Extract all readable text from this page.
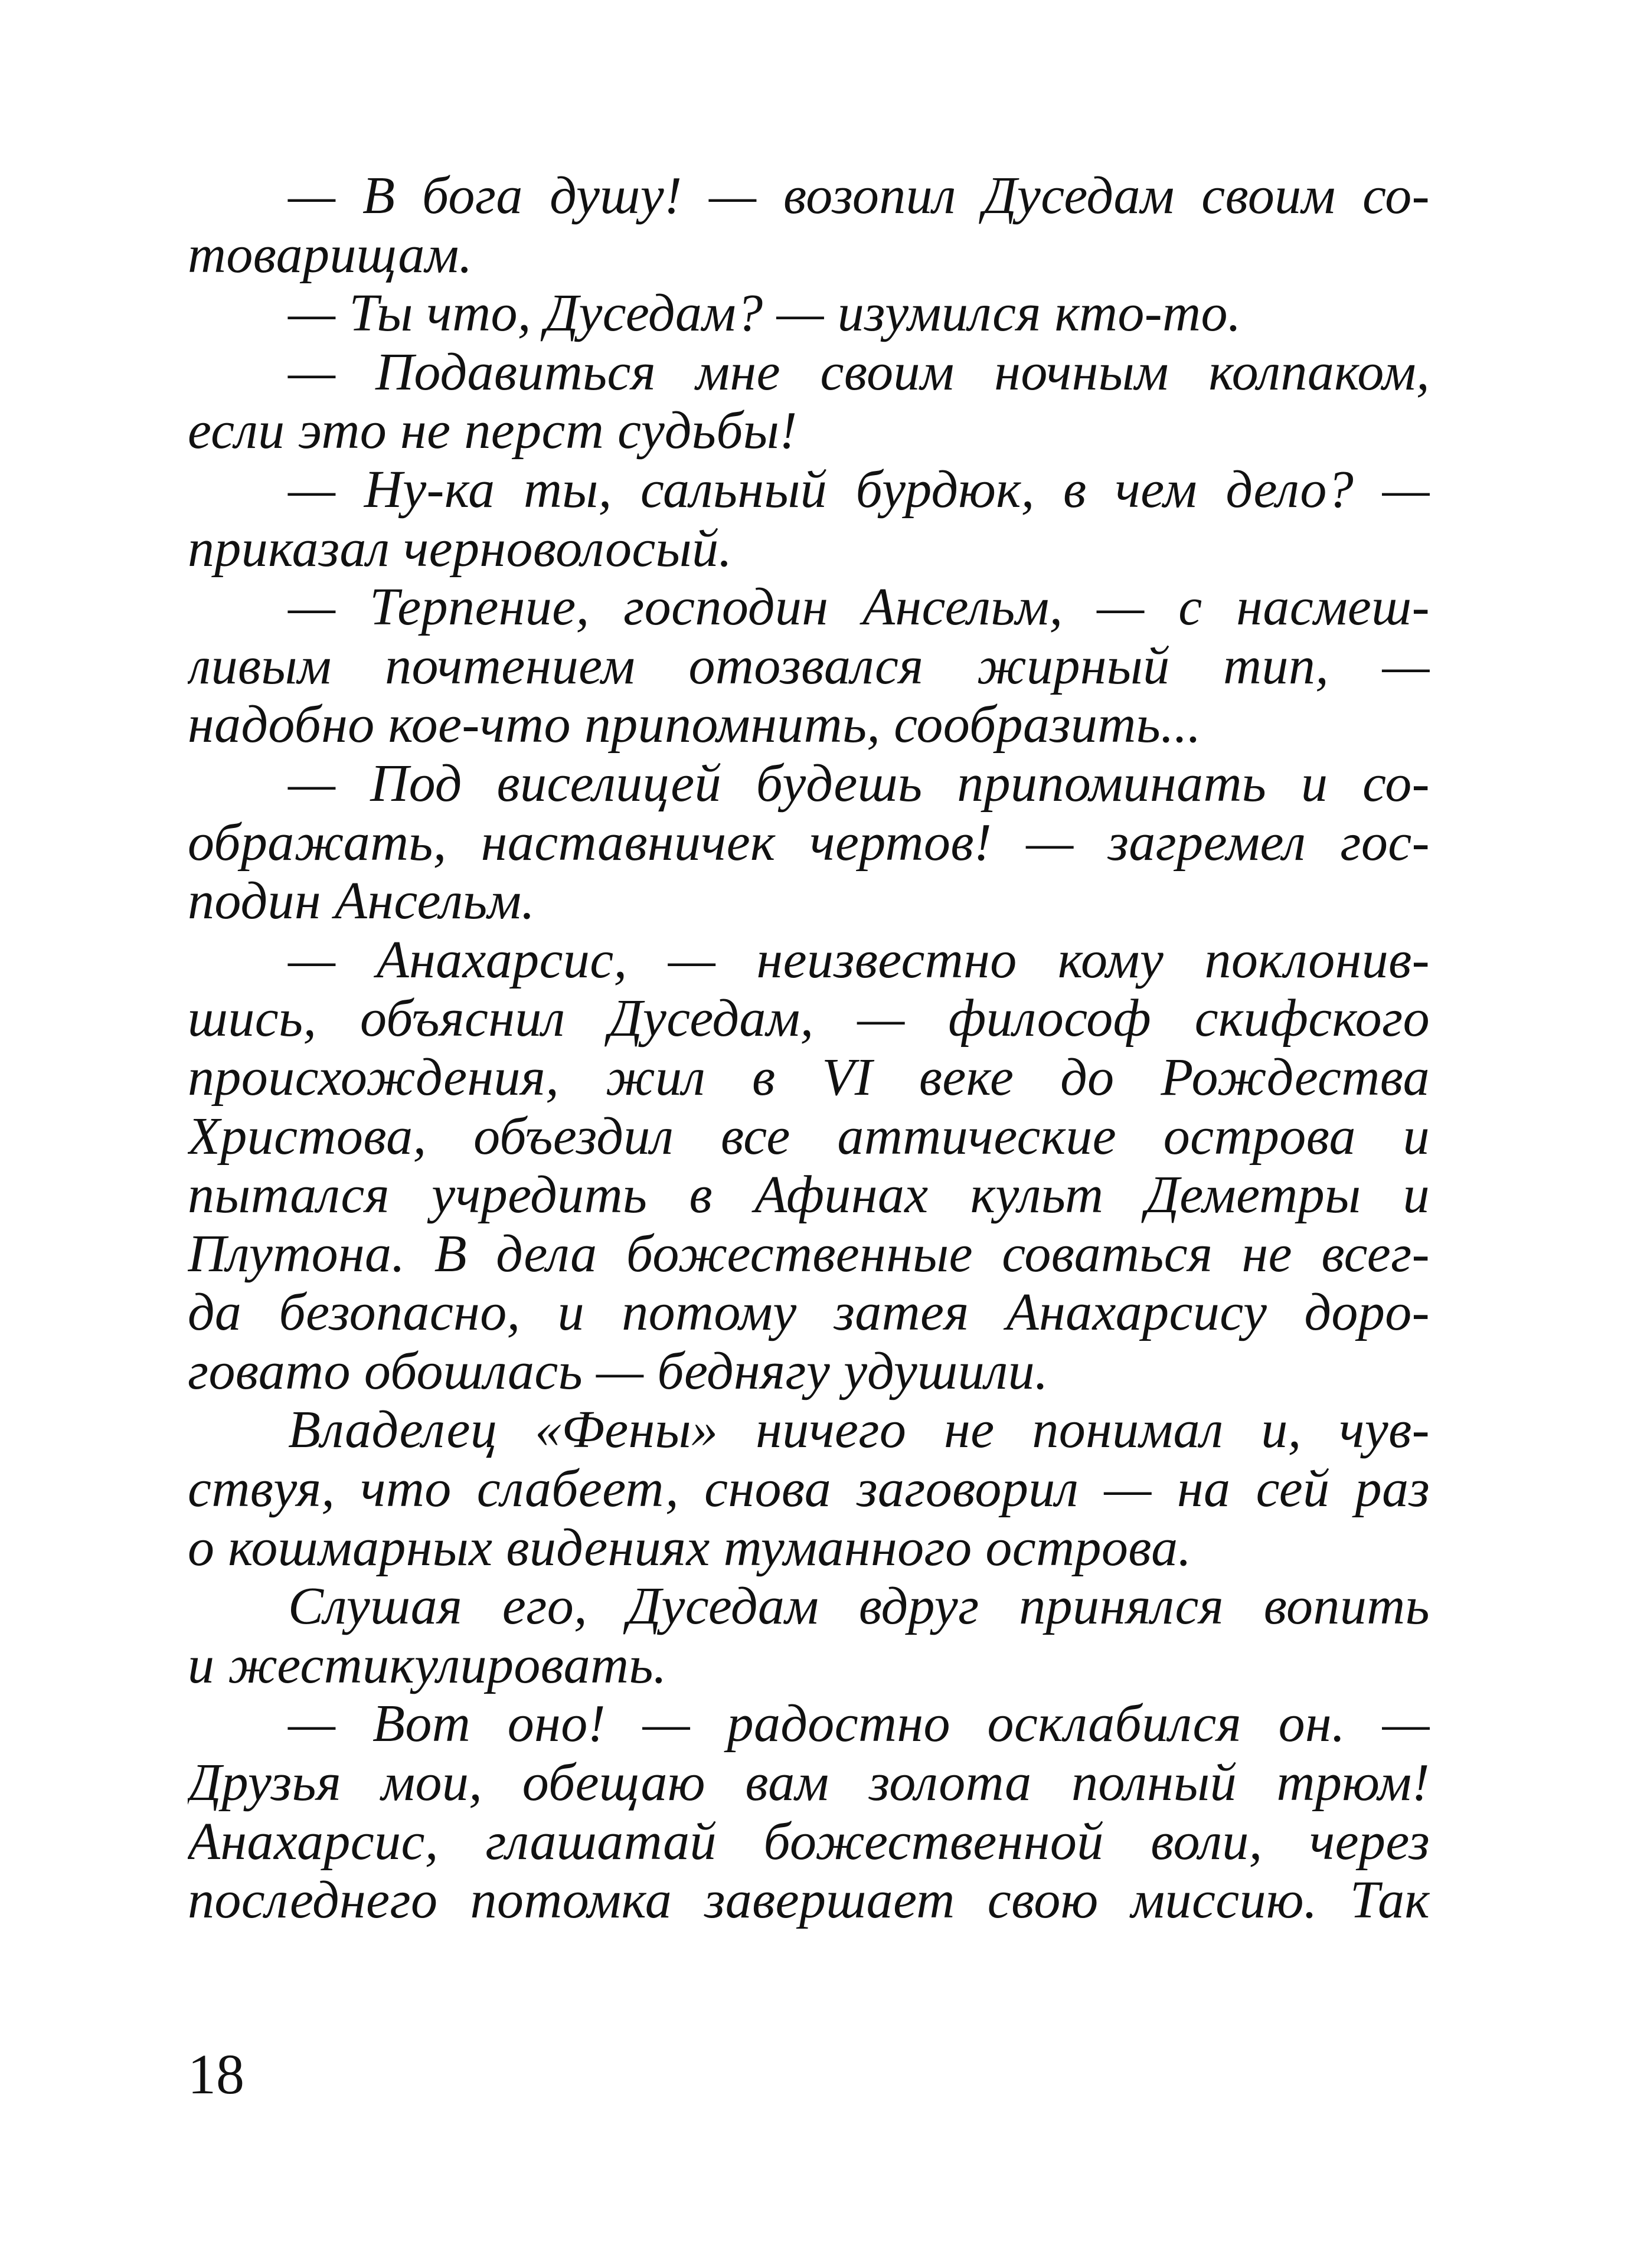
— В бога душу! — возопил Дуседам своим со-
товарищам.
— Ты что, Дуседам? — изумился кто-то.
— Подавиться мне своим ночным колпаком,
если это не перст судьбы!
— Ну-ка ты, сальный бурдюк, в чем дело? —
приказал черноволосый.
— Терпение, господин Ансельм, — с насмеш-
ливым почтением отозвался жирный тип, —
надобно кое-что припомнить, сообразить...
— Под виселицей будешь припоминать и со-
ображать, наставничек чертов! — загремел гос-
подин Ансельм.
— Анахарсис, — неизвестно кому поклонив-
шись, объяснил Дуседам, — философ скифского
происхождения, жил в VI веке до Рождества
Христова, объездил все аттические острова и
пытался учредить в Афинах культ Деметры и
Плутона. В дела божественные соваться не всег-
да безопасно, и потому затея Анахарсису доро-
говато обошлась — беднягу удушили.
Владелец «Фены» ничего не понимал и, чув-
ствуя, что слабеет, снова заговорил — на сей раз
о кошмарных видениях туманного острова.
Слушая его, Дуседам вдруг принялся вопить
и жестикулировать.
— Вот оно! — радостно осклабился он. —
Друзья мои, обещаю вам золота полный трюм!
Анахарсис, глашатай божественной воли, через
последнего потомка завершает свою миссию. Так
18
